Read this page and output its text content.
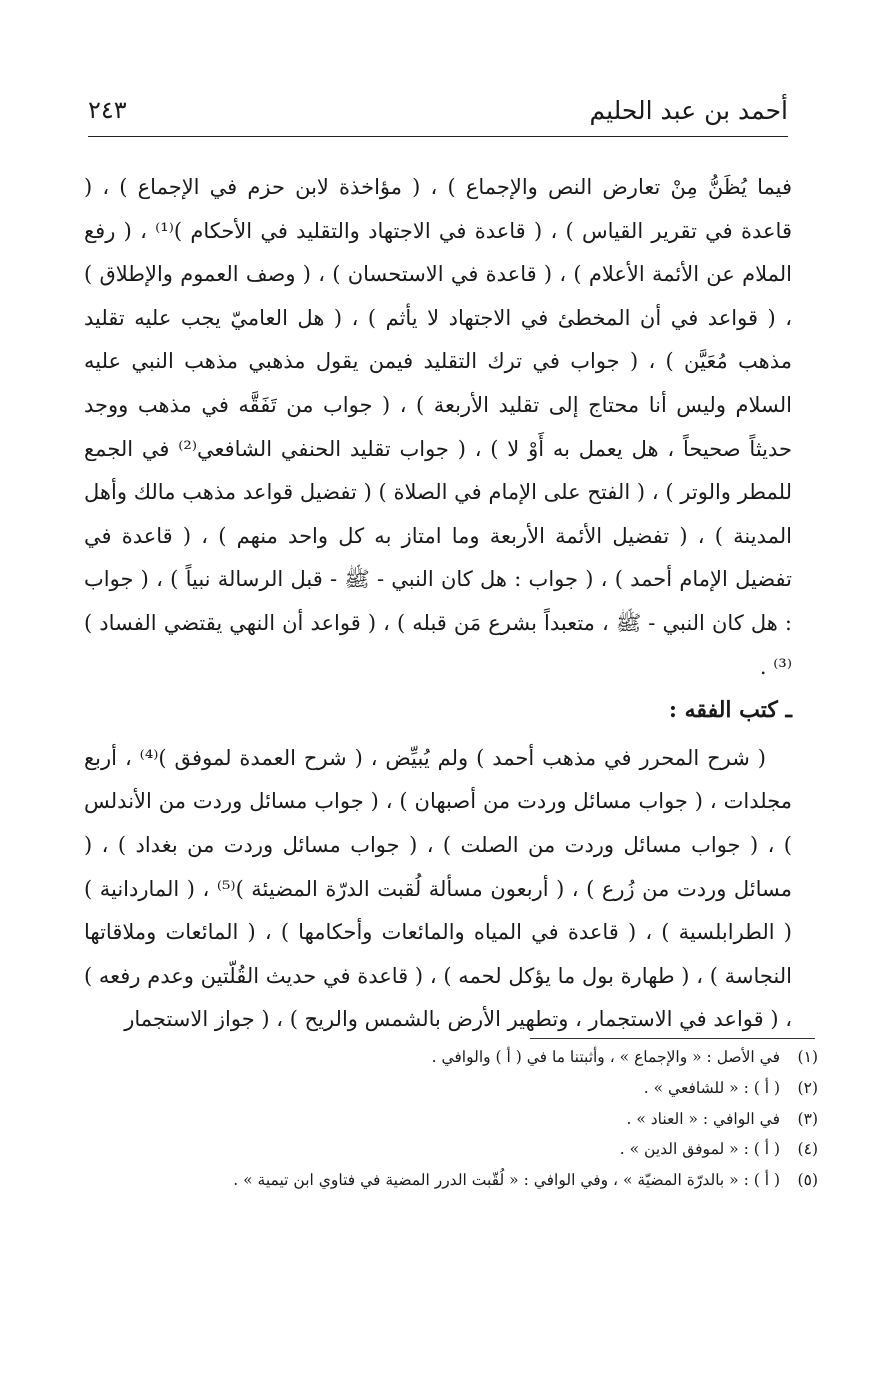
أحمد بن عبد الحليم
٢٤٣

فيما يُظَنُّ مِنْ تعارض النص والإجماع ) ، ( مؤاخذة لابن حزم في الإجماع ) ، ( قاعدة في تقرير القياس ) ، ( قاعدة في الاجتهاد والتقليد في الأحكام )⁽¹⁾ ، ( رفع الملام عن الأئمة الأعلام ) ، ( قاعدة في الاستحسان ) ، ( وصف العموم والإطلاق ) ، ( قواعد في أن المخطئ في الاجتهاد لا يأثم ) ، ( هل العاميّ يجب عليه تقليد مذهب مُعَيَّن ) ، ( جواب في ترك التقليد فيمن يقول مذهبي مذهب النبي عليه السلام وليس أنا محتاج إلى تقليد الأربعة ) ، ( جواب من تَفَقَّه في مذهب ووجد حديثاً صحيحاً ، هل يعمل به أَوْ لا ) ، ( جواب تقليد الحنفي الشافعي⁽²⁾ في الجمع للمطر والوتر ) ، ( الفتح على الإمام في الصلاة ) ( تفضيل قواعد مذهب مالك وأهل المدينة ) ، ( تفضيل الأئمة الأربعة وما امتاز به كل واحد منهم ) ، ( قاعدة في تفضيل الإمام أحمد ) ، ( جواب : هل كان النبي - ﷺ - قبل الرسالة نبياً ) ، ( جواب : هل كان النبي - ﷺ ، متعبداً بشرع مَن قبله ) ، ( قواعد أن النهي يقتضي الفساد )⁽³⁾ .

ـ كتب الفقه :

( شرح المحرر في مذهب أحمد ) ولم يُبيِّض ، ( شرح العمدة لموفق )⁽⁴⁾ ، أربع مجلدات ، ( جواب مسائل وردت من أصبهان ) ، ( جواب مسائل وردت من الأندلس ) ، ( جواب مسائل وردت من الصلت ) ، ( جواب مسائل وردت من بغداد ) ، ( مسائل وردت من زُرع ) ، ( أربعون مسألة لُقبت الدرّة المضيئة )⁽⁵⁾ ، ( الماردانية ) ( الطرابلسية ) ، ( قاعدة في المياه والمائعات وأحكامها ) ، ( المائعات وملاقاتها النجاسة ) ، ( طهارة بول ما يؤكل لحمه ) ، ( قاعدة في حديث القُلّتين وعدم رفعه ) ، ( قواعد في الاستجمار ، وتطهير الأرض بالشمس والريح ) ، ( جواز الاستجمار

(١)
في الأصل : « والإجماع » ، وأثبتنا ما في ( أ ) والوافي .
(٢)
( أ ) : « للشافعي » .
(٣)
في الوافي : « العناد » .
(٤)
( أ ) : « لموفق الدين » .
(٥)
( أ ) : « بالدرّة المضيّة » ، وفي الوافي : « لُقّبت الدرر المضية في فتاوي ابن تيمية » .
